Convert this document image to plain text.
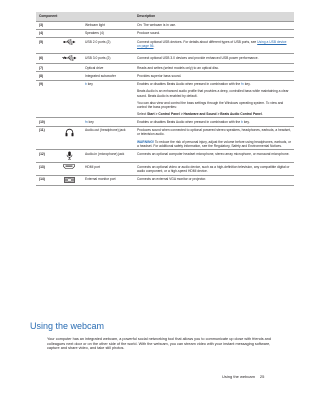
Component			Description
(3)		Webcam light	On: The webcam is in use.
(4)		Speakers (4)	Produce sound.
(5)		USB 2.0 ports (2)	Connect optional USB devices. For details about different types of USB ports, see Using a USB device on page 56.
(6)		USB 3.0 ports (2)	Connect optional USB 3.0 devices and provide enhanced USB power performance.
(7)		Optical drive	Reads and writes (select models only) to an optical disc.
(8)		Integrated subwoofer	Provides superior bass sound.
(9)		b key	Enables or disables Beats Audio when pressed in combination with the fn key.
Beats Audio is an enhanced audio profile that provides a deep, controlled bass while maintaining a clear sound. Beats Audio is enabled by default.
You can also view and control the bass settings through the Windows operating system. To view and control the bass properties:
Select Start > Control Panel > Hardware and Sound > Beats Audio Control Panel.

(10)		fn key	Enables or disables Beats Audio when pressed in combination with the b key.
(11)		Audio-out (headphone) jack	Produces sound when connected to optional powered stereo speakers, headphones, earbuds, a headset, or television audio.
WARNING! To reduce the risk of personal injury, adjust the volume before using headphones, earbuds, or a headset. For additional safety information, see the Regulatory, Safety and Environmental Notices.

(12)		Audio-in (microphone) jack	Connects an optional computer headset microphone, stereo array microphone, or monaural microphone.
(13)		HDMI port	Connects an optional video or audio device, such as a high-definition television, any compatible digital or audio component, or a high-speed HDMI device.
(14)		External monitor port	Connects an external VGA monitor or projector.
Using the webcam

Your computer has an integrated webcam, a powerful social networking tool that allows you to communicate up close with friends and colleagues next door or on the other side of the world. With the webcam, you can stream video with your instant messaging software, capture and share video, and take still photos.

Using the webcam 25
